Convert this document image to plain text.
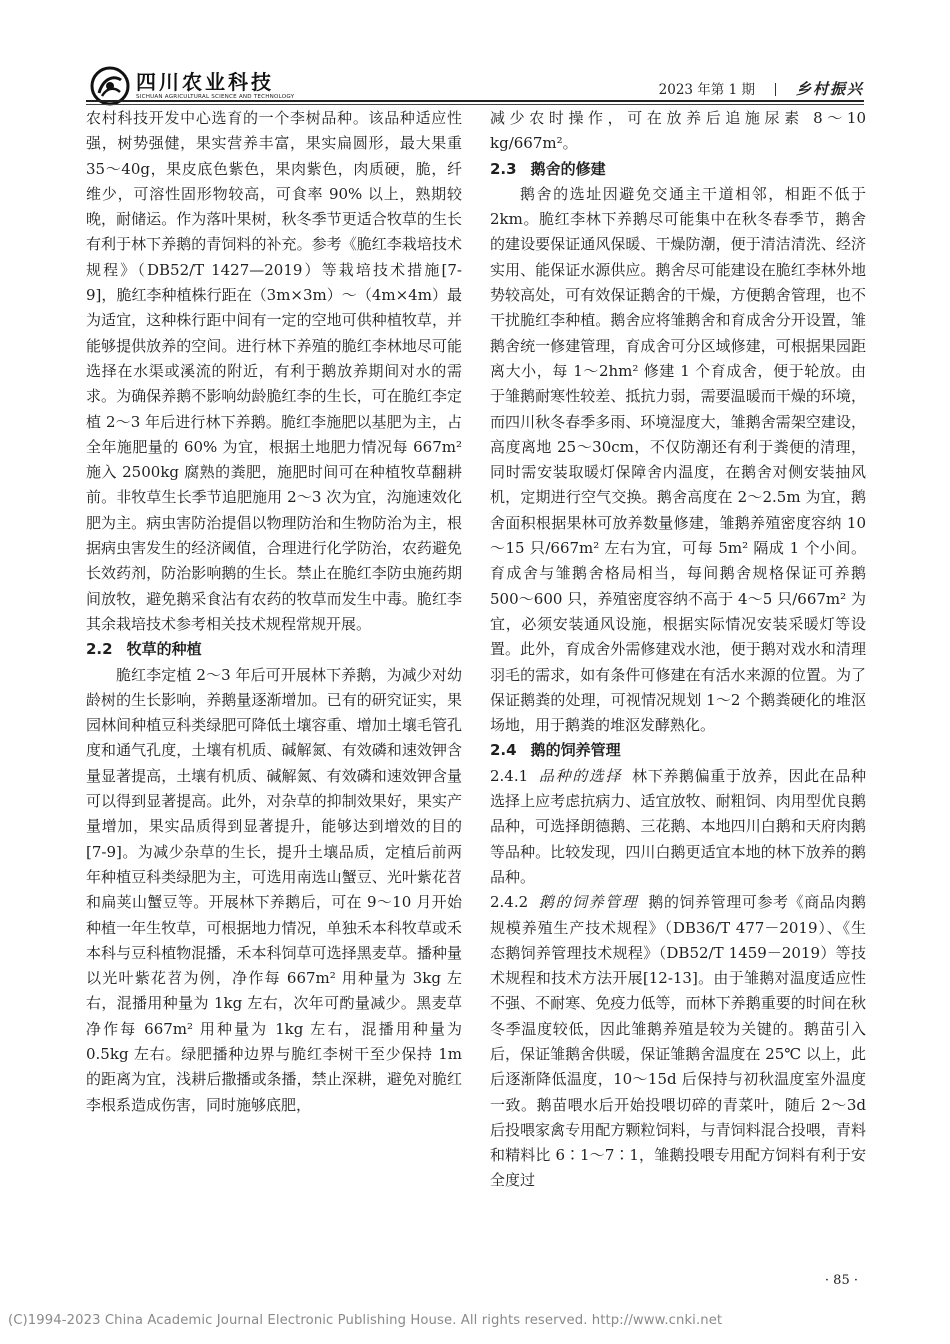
四川农业科技
SICHUAN AGRICULTURAL SCIENCE AND TECHNOLOGY	2023 年第 1 期	乡村振兴

农村科技开发中心选育的一个李树品种。该品种适应性强，树势强健，果实营养丰富，果实扁圆形，最大果重 35～40g，果皮底色紫色，果肉紫色，肉质硬，脆，纤维少，可溶性固形物较高，可食率 90% 以上，熟期较晚，耐储运。作为落叶果树，秋冬季节更适合牧草的生长有利于林下养鹅的青饲料的补充。参考《脆红李栽培技术规程》（DB52/T 1427—2019）等栽培技术措施[7-9]，脆红李种植株行距在（3m×3m）～（4m×4m）最为适宜，这种株行距中间有一定的空地可供种植牧草，并能够提供放养的空间。进行林下养殖的脆红李林地尽可能选择在水渠或溪流的附近，有利于鹅放养期间对水的需求。为确保养鹅不影响幼龄脆红李的生长，可在脆红李定植 2～3 年后进行林下养鹅。脆红李施肥以基肥为主，占全年施肥量的 60% 为宜，根据土地肥力情况每 667m² 施入 2500kg 腐熟的粪肥，施肥时间可在种植牧草翻耕前。非牧草生长季节追肥施用 2～3 次为宜，沟施速效化肥为主。病虫害防治提倡以物理防治和生物防治为主，根据病虫害发生的经济阈值，合理进行化学防治，农药避免长效药剂，防治影响鹅的生长。禁止在脆红李防虫施药期间放牧，避免鹅采食沾有农药的牧草而发生中毒。脆红李其余栽培技术参考相关技术规程常规开展。

2.2 牧草的种植

脆红李定植 2～3 年后可开展林下养鹅，为减少对幼龄树的生长影响，养鹅量逐渐增加。已有的研究证实，果园林间种植豆科类绿肥可降低土壤容重、增加土壤毛管孔度和通气孔度，土壤有机质、碱解氮、有效磷和速效钾含量显著提高，土壤有机质、碱解氮、有效磷和速效钾含量可以得到显著提高。此外，对杂草的抑制效果好，果实产量增加，果实品质得到显著提升，能够达到增效的目的[7-9]。为减少杂草的生长，提升土壤品质，定植后前两年种植豆科类绿肥为主，可选用南选山蟹豆、光叶紫花苕和扁荚山蟹豆等。开展林下养鹅后，可在 9～10 月开始种植一年生牧草，可根据地力情况，单独禾本科牧草或禾本科与豆科植物混播，禾本科饲草可选择黑麦草。播种量以光叶紫花苕为例，净作每 667m² 用种量为 3kg 左右，混播用种量为 1kg 左右，次年可酌量减少。黑麦草净作每 667m² 用种量为 1kg 左右，混播用种量为 0.5kg 左右。绿肥播种边界与脆红李树干至少保持 1m 的距离为宜，浅耕后撒播或条播，禁止深耕，避免对脆红李根系造成伤害，同时施够底肥，

减少农时操作，可在放养后追施尿素 8～10 kg/667m²。

2.3 鹅舍的修建

鹅舍的选址因避免交通主干道相邻，相距不低于 2km。脆红李林下养鹅尽可能集中在秋冬春季节，鹅舍的建设要保证通风保暖、干燥防潮，便于清洁清洗、经济实用、能保证水源供应。鹅舍尽可能建设在脆红李林外地势较高处，可有效保证鹅舍的干燥，方便鹅舍管理，也不干扰脆红李种植。鹅舍应将雏鹅舍和育成舍分开设置，雏鹅舍统一修建管理，育成舍可分区域修建，可根据果园距离大小，每 1～2hm² 修建 1 个育成舍，便于轮放。由于雏鹅耐寒性较差、抵抗力弱，需要温暖而干燥的环境，而四川秋冬春季多雨、环境湿度大，雏鹅舍需架空建设，高度离地 25～30cm，不仅防潮还有利于粪便的清理，同时需安装取暖灯保障舍内温度，在鹅舍对侧安装抽风机，定期进行空气交换。鹅舍高度在 2～2.5m 为宜，鹅舍面积根据果林可放养数量修建，雏鹅养殖密度容纳 10～15 只/667m² 左右为宜，可每 5m² 隔成 1 个小间。育成舍与雏鹅舍格局相当，每间鹅舍规格保证可养鹅 500～600 只，养殖密度容纳不高于 4～5 只/667m² 为宜，必须安装通风设施，根据实际情况安装采暖灯等设置。此外，育成舍外需修建戏水池，便于鹅对戏水和清理羽毛的需求，如有条件可修建在有活水来源的位置。为了保证鹅粪的处理，可视情况规划 1～2 个鹅粪硬化的堆沤场地，用于鹅粪的堆沤发酵熟化。

2.4 鹅的饲养管理

2.4.1 品种的选择 林下养鹅偏重于放养，因此在品种选择上应考虑抗病力、适宜放牧、耐粗饲、肉用型优良鹅品种，可选择朗德鹅、三花鹅、本地四川白鹅和天府肉鹅等品种。比较发现，四川白鹅更适宜本地的林下放养的鹅品种。

2.4.2 鹅的饲养管理 鹅的饲养管理可参考《商品肉鹅规模养殖生产技术规程》（DB36/T 477－2019）、《生态鹅饲养管理技术规程》（DB52/T 1459－2019）等技术规程和技术方法开展[12-13]。由于雏鹅对温度适应性不强、不耐寒、免疫力低等，而林下养鹅重要的时间在秋冬季温度较低，因此雏鹅养殖是较为关键的。鹅苗引入后，保证雏鹅舍供暖，保证雏鹅舍温度在 25℃ 以上，此后逐渐降低温度，10～15d 后保持与初秋温度室外温度一致。鹅苗喂水后开始投喂切碎的青菜叶，随后 2～3d 后投喂家禽专用配方颗粒饲料，与青饲料混合投喂，青料和精料比 6∶1～7∶1，雏鹅投喂专用配方饲料有利于安全度过

· 85 ·
(C)1994-2023 China Academic Journal Electronic Publishing House. All rights reserved. http://www.cnki.net
